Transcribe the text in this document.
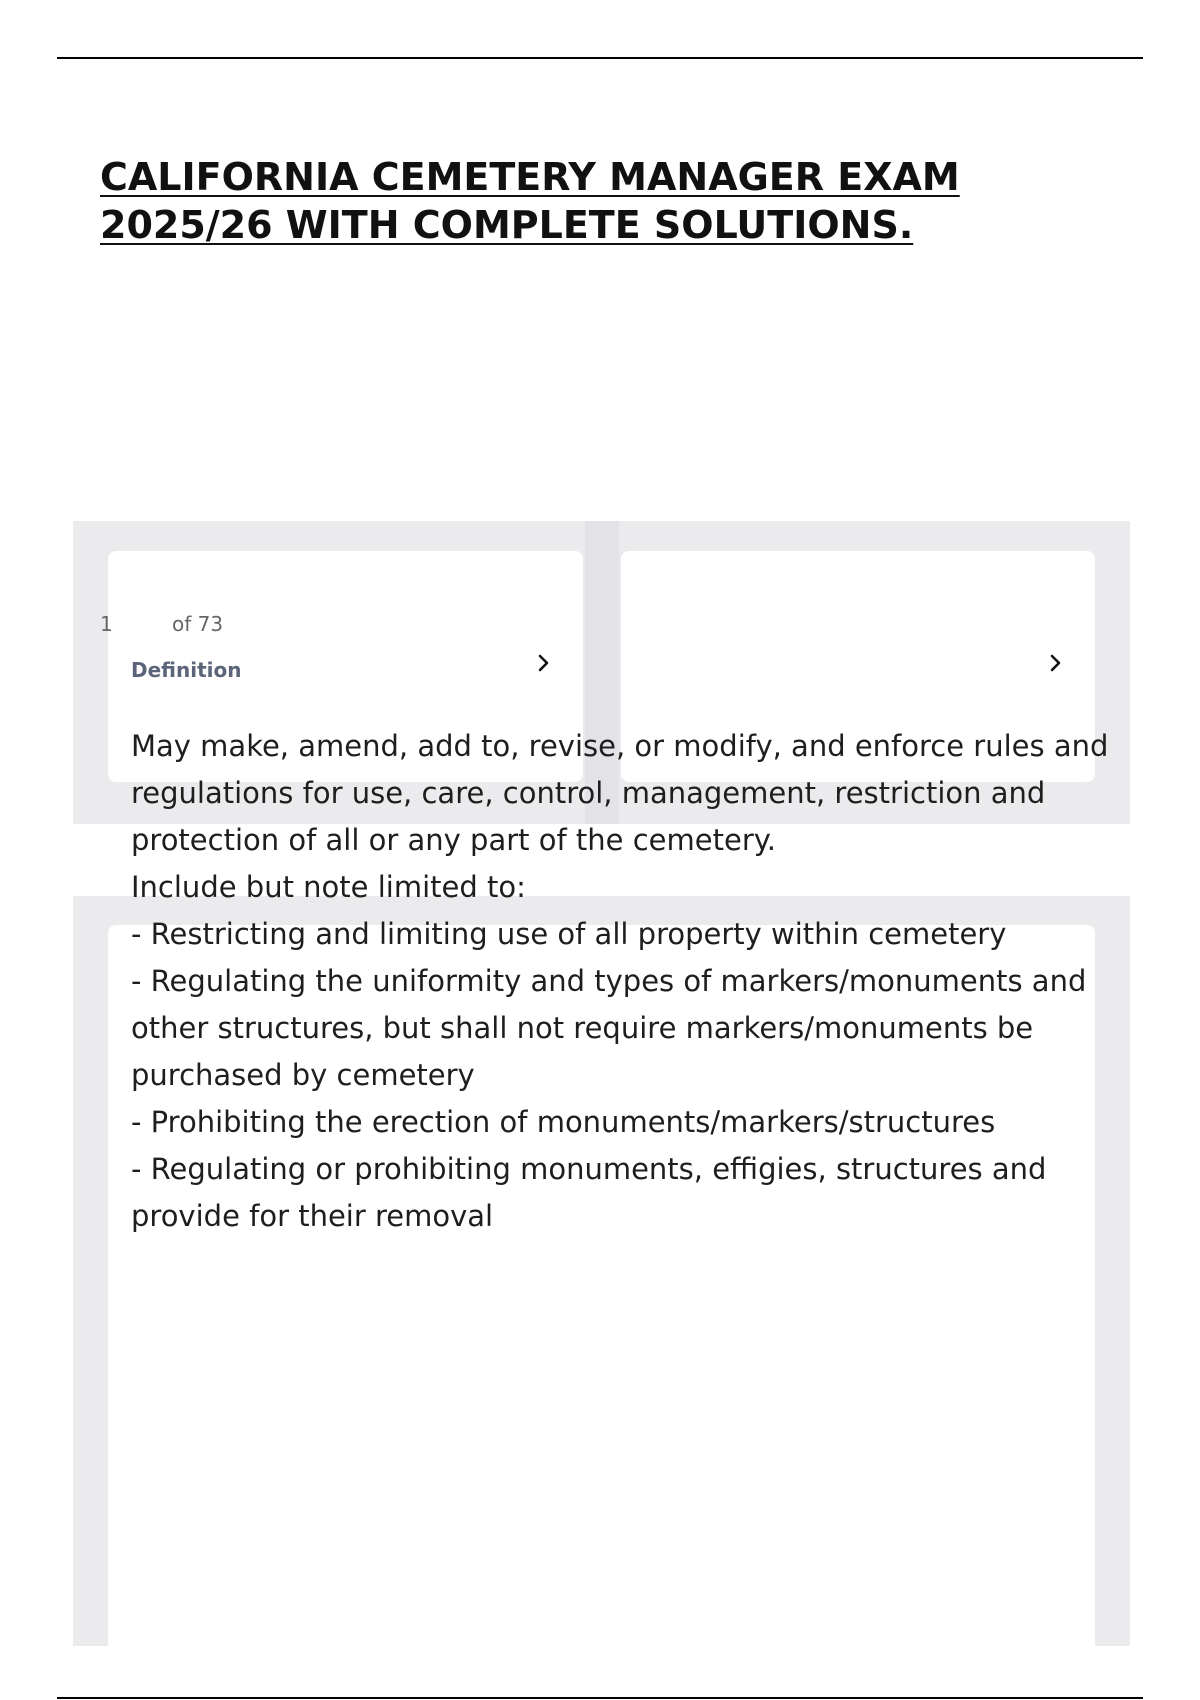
CALIFORNIA CEMETERY MANAGER EXAM
2025/26 WITH COMPLETE SOLUTIONS.
1	of 73
Definition
May make, amend, add to, revise, or modify, and enforce rules and
regulations for use, care, control, management, restriction and
protection of all or any part of the cemetery.
Include but note limited to:
- Restricting and limiting use of all property within cemetery
- Regulating the uniformity and types of markers/monuments and
other structures, but shall not require markers/monuments be
purchased by cemetery
- Prohibiting the erection of monuments/markers/structures
- Regulating or prohibiting monuments, effigies, structures and
provide for their removal
